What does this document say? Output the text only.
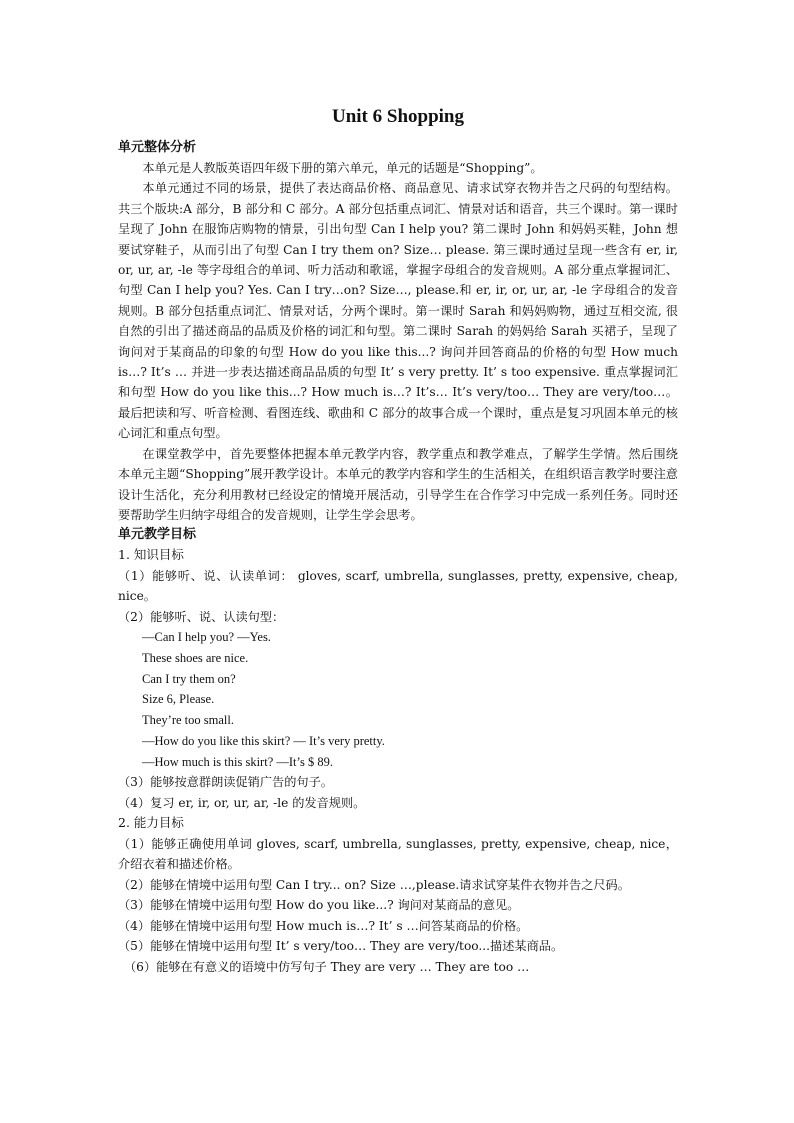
Unit 6 Shopping

单元整体分析

本单元是人教版英语四年级下册的第六单元，单元的话题是“Shopping”。

本单元通过不同的场景，提供了表达商品价格、商品意见、请求试穿衣物并告之尺码的句型结构。共三个版块:A 部分，B 部分和 C 部分。A 部分包括重点词汇、情景对话和语音，共三个课时。第一课时呈现了 John 在服饰店购物的情景，引出句型 Can I help you? 第二课时 John 和妈妈买鞋，John 想要试穿鞋子，从而引出了句型 Can I try them on? Size… please. 第三课时通过呈现一些含有 er, ir, or, ur, ar, -le 等字母组合的单词、听力活动和歌谣，掌握字母组合的发音规则。A 部分重点掌握词汇、句型 Can I help you? Yes. Can I try…on? Size…, please.和 er, ir, or, ur, ar, -le 字母组合的发音规则。B 部分包括重点词汇、情景对话，分两个课时。第一课时 Sarah 和妈妈购物，通过互相交流, 很自然的引出了描述商品的品质及价格的词汇和句型。第二课时 Sarah 的妈妈给 Sarah 买裙子，呈现了询问对于某商品的印象的句型 How do you like this...? 询问并回答商品的价格的句型 How much is…? It’s … 并进一步表达描述商品品质的句型 It’ s very pretty. It’ s too expensive. 重点掌握词汇和句型 How do you like this...? How much is…? It’s… It’s very/too… They are very/too…。最后把读和写、听音检测、看图连线、歌曲和 C 部分的故事合成一个课时，重点是复习巩固本单元的核心词汇和重点句型。

在课堂教学中，首先要整体把握本单元教学内容，教学重点和教学难点，了解学生学情。然后围绕本单元主题“Shopping”展开教学设计。本单元的教学内容和学生的生活相关，在组织语言教学时要注意设计生活化，充分利用教材已经设定的情境开展活动，引导学生在合作学习中完成一系列任务。同时还要帮助学生归纳字母组合的发音规则，让学生学会思考。

单元教学目标

1. 知识目标

（1）能够听、说、认读单词： gloves, scarf, umbrella, sunglasses, pretty, expensive, cheap, nice。

（2）能够听、说、认读句型：

—Can I help you? —Yes.

These shoes are nice.

Can I try them on?

Size 6, Please.

They’re too small.

—How do you like this skirt? — It’s very pretty.

—How much is this skirt? —It’s $ 89.

（3）能够按意群朗读促销广告的句子。

（4）复习 er, ir, or, ur, ar, -le 的发音规则。

2. 能力目标

（1）能够正确使用单词 gloves, scarf, umbrella, sunglasses, pretty, expensive, cheap, nice，介绍衣着和描述价格。

（2）能够在情境中运用句型 Can I try... on? Size …,please.请求试穿某件衣物并告之尺码。

（3）能够在情境中运用句型 How do you like...? 询问对某商品的意见。

（4）能够在情境中运用句型 How much is…? It’ s …问答某商品的价格。

（5）能够在情境中运用句型 It’ s very/too… They are very/too...描述某商品。

（6）能够在有意义的语境中仿写句子 They are very … They are too …
